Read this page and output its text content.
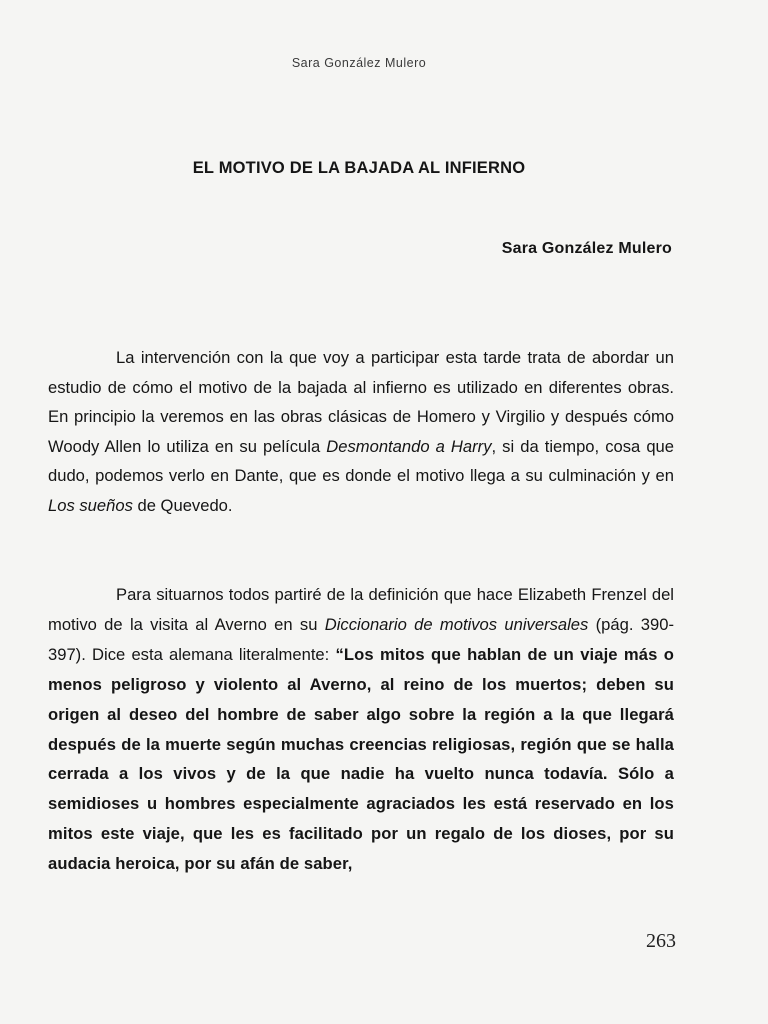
Sara González Mulero
EL MOTIVO DE LA BAJADA AL INFIERNO
Sara González Mulero

La intervención con la que voy a participar esta tarde trata de abordar un estudio de cómo el motivo de la bajada al infierno es utilizado en diferentes obras. En principio la veremos en las obras clásicas de Homero y Virgilio y después cómo Woody Allen lo utiliza en su película Desmontando a Harry, si da tiempo, cosa que dudo, podemos verlo en Dante, que es donde el motivo llega a su culminación y en Los sueños de Quevedo.

Para situarnos todos partiré de la definición que hace Elizabeth Frenzel del motivo de la visita al Averno en su Diccionario de motivos universales (pág. 390-397). Dice esta alemana literalmente: “Los mitos que hablan de un viaje más o menos peligroso y violento al Averno, al reino de los muertos; deben su origen al deseo del hombre de saber algo sobre la región a la que llegará después de la muerte según muchas creencias religiosas, región que se halla cerrada a los vivos y de la que nadie ha vuelto nunca todavía. Sólo a semidioses u hombres especialmente agraciados les está reservado en los mitos este viaje, que les es facilitado por un regalo de los dioses, por su audacia heroica, por su afán de saber,

263
